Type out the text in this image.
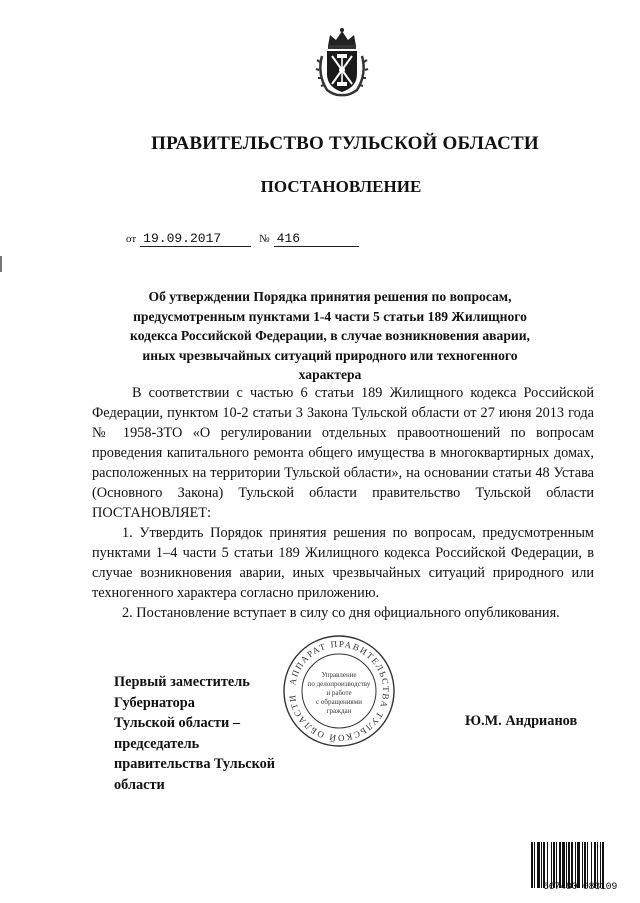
ПРАВИТЕЛЬСТВО ТУЛЬСКОЙ ОБЛАСТИ
ПОСТАНОВЛЕНИЕ
от 19.09.2017	№ 416
Об утверждении Порядка принятия решения по вопросам, предусмотренным пунктами 1-4 части 5 статьи 189 Жилищного кодекса Российской Федерации, в случае возникновения аварии, иных чрезвычайных ситуаций природного или техногенного характера

В соответствии с частью 6 статьи 189 Жилищного кодекса Российской Федерации, пунктом 10-2 статьи 3 Закона Тульской области от 27 июня 2013 года № 1958-ЗТО «О регулировании отдельных правоотношений по вопросам проведения капитального ремонта общего имущества в многоквартирных домах, расположенных на территории Тульской области», на основании статьи 48 Устава (Основного Закона) Тульской области правительство Тульской области ПОСТАНОВЛЯЕТ:

1. Утвердить Порядок принятия решения по вопросам, предусмотренным пунктами 1–4 части 5 статьи 189 Жилищного кодекса Российской Федерации, в случае возникновения аварии, иных чрезвычайных ситуаций природного или техногенного характера согласно приложению.

2. Постановление вступает в силу со дня официального опубликования.

Первый заместитель Губернатора
Тульской области – председатель
правительства Тульской области
Ю.М. Андрианов
АППАРАТ ПРАВИТЕЛЬСТВА ТУЛЬСКОЙ ОБЛАСТИ
Управление
по делопроизводству
и работе
с обращениями
граждан
667480 083109
